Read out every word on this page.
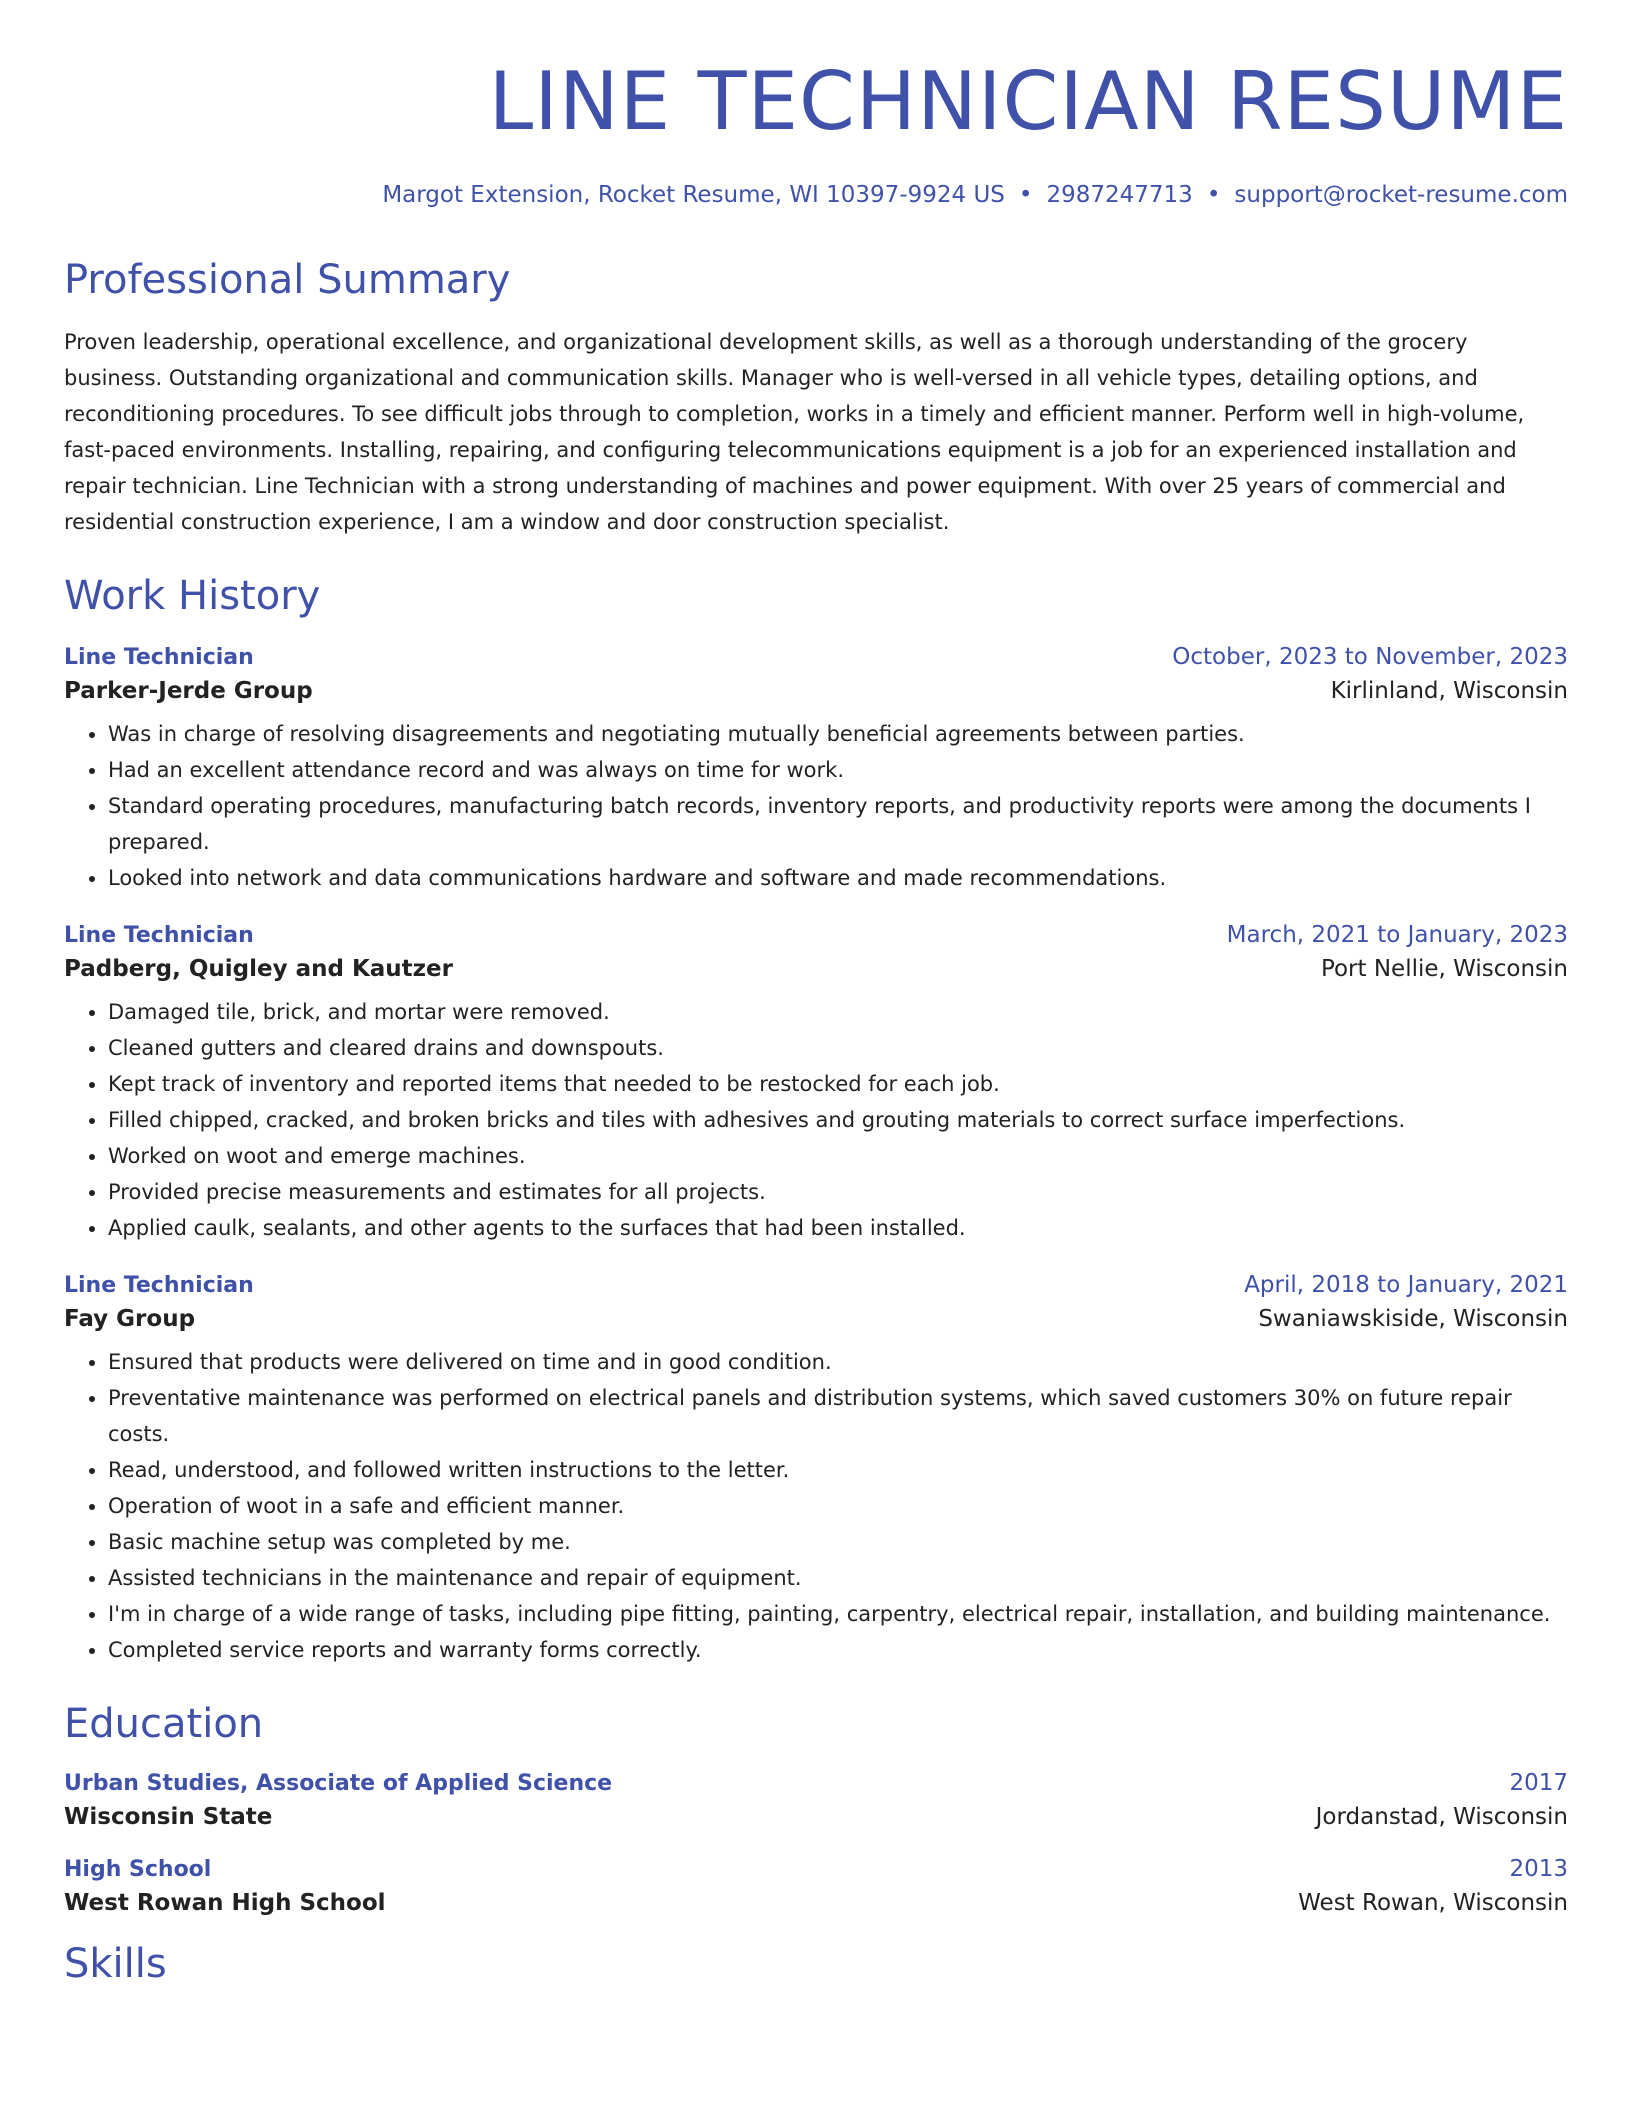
LINE TECHNICIAN RESUME
Margot Extension, Rocket Resume, WI 10397-9924 US • 2987247713 • support@rocket-resume.com
Professional Summary

Proven leadership, operational excellence, and organizational development skills, as well as a thorough understanding of the grocery business. Outstanding organizational and communication skills. Manager who is well-versed in all vehicle types, detailing options, and reconditioning procedures. To see difficult jobs through to completion, works in a timely and efficient manner. Perform well in high-volume, fast-paced environments. Installing, repairing, and configuring telecommunications equipment is a job for an experienced installation and repair technician. Line Technician with a strong understanding of machines and power equipment. With over 25 years of commercial and residential construction experience, I am a window and door construction specialist.

Work History
Line Technician	October, 2023 to November, 2023
Parker-Jerde Group	Kirlinland, Wisconsin
• Was in charge of resolving disagreements and negotiating mutually beneficial agreements between parties.
• Had an excellent attendance record and was always on time for work.
• Standard operating procedures, manufacturing batch records, inventory reports, and productivity reports were among the documents I prepared.
• Looked into network and data communications hardware and software and made recommendations.
Line Technician	March, 2021 to January, 2023
Padberg, Quigley and Kautzer	Port Nellie, Wisconsin
• Damaged tile, brick, and mortar were removed.
• Cleaned gutters and cleared drains and downspouts.
• Kept track of inventory and reported items that needed to be restocked for each job.
• Filled chipped, cracked, and broken bricks and tiles with adhesives and grouting materials to correct surface imperfections.
• Worked on woot and emerge machines.
• Provided precise measurements and estimates for all projects.
• Applied caulk, sealants, and other agents to the surfaces that had been installed.
Line Technician	April, 2018 to January, 2021
Fay Group	Swaniawskiside, Wisconsin
• Ensured that products were delivered on time and in good condition.
• Preventative maintenance was performed on electrical panels and distribution systems, which saved customers 30% on future repair costs.
• Read, understood, and followed written instructions to the letter.
• Operation of woot in a safe and efficient manner.
• Basic machine setup was completed by me.
• Assisted technicians in the maintenance and repair of equipment.
• I'm in charge of a wide range of tasks, including pipe fitting, painting, carpentry, electrical repair, installation, and building maintenance.
• Completed service reports and warranty forms correctly.
Education
Urban Studies, Associate of Applied Science	2017
Wisconsin State	Jordanstad, Wisconsin
High School	2013
West Rowan High School	West Rowan, Wisconsin
Skills
